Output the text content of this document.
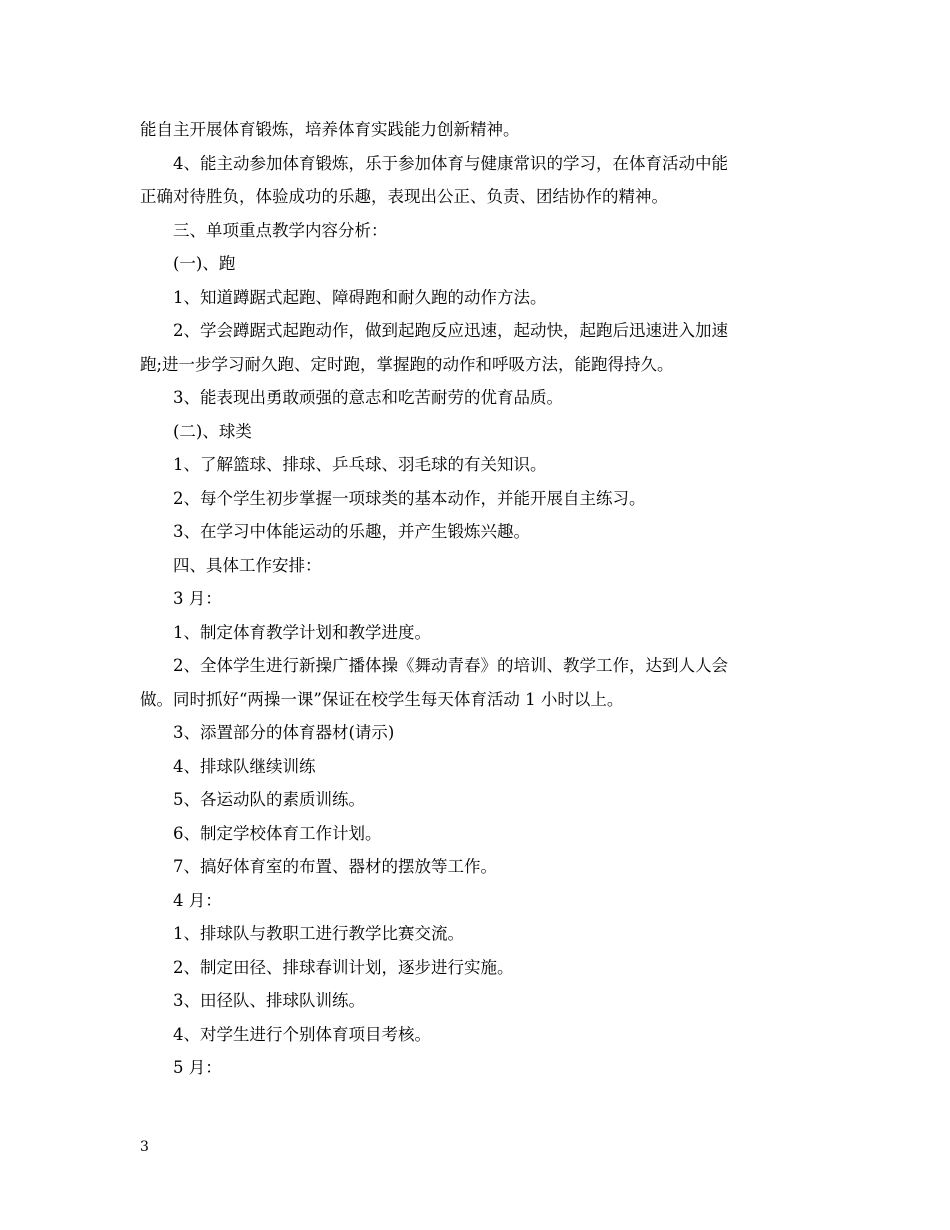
能自主开展体育锻炼，培养体育实践能力创新精神。
4、能主动参加体育锻炼，乐于参加体育与健康常识的学习，在体育活动中能
正确对待胜负，体验成功的乐趣，表现出公正、负责、团结协作的精神。
三、单项重点教学内容分析：
(一)、跑
1、知道蹲踞式起跑、障碍跑和耐久跑的动作方法。
2、学会蹲踞式起跑动作，做到起跑反应迅速，起动快，起跑后迅速进入加速
跑;进一步学习耐久跑、定时跑，掌握跑的动作和呼吸方法，能跑得持久。
3、能表现出勇敢顽强的意志和吃苦耐劳的优育品质。
(二)、球类
1、了解篮球、排球、乒乓球、羽毛球的有关知识。
2、每个学生初步掌握一项球类的基本动作，并能开展自主练习。
3、在学习中体能运动的乐趣，并产生锻炼兴趣。
四、具体工作安排：
3 月：
1、制定体育教学计划和教学进度。
2、全体学生进行新操广播体操《舞动青春》的培训、教学工作，达到人人会
做。同时抓好“两操一课”保证在校学生每天体育活动 1 小时以上。
3、添置部分的体育器材(请示)
4、排球队继续训练
5、各运动队的素质训练。
6、制定学校体育工作计划。
7、搞好体育室的布置、器材的摆放等工作。
4 月：
1、排球队与教职工进行教学比赛交流。
2、制定田径、排球春训计划，逐步进行实施。
3、田径队、排球队训练。
4、对学生进行个别体育项目考核。
5 月：
3
